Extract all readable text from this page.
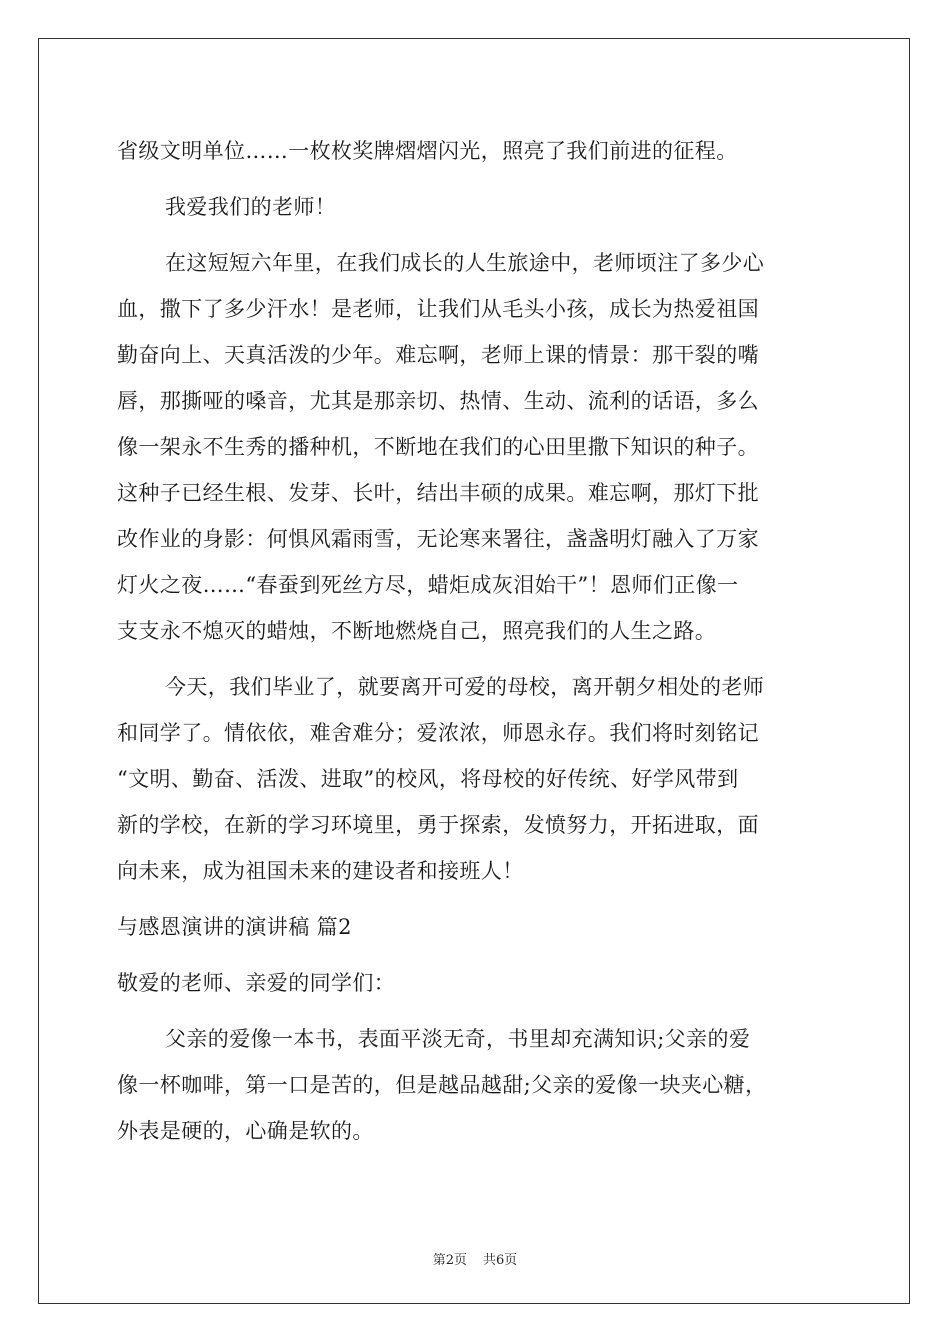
省级文明单位……一枚枚奖牌熠熠闪光，照亮了我们前进的征程。
我爱我们的老师！
在这短短六年里，在我们成长的人生旅途中，老师顷注了多少心
血，撒下了多少汗水！是老师，让我们从毛头小孩，成长为热爱祖国
勤奋向上、天真活泼的少年。难忘啊，老师上课的情景：那干裂的嘴
唇，那撕哑的嗓音，尤其是那亲切、热情、生动、流利的话语，多么
像一架永不生秀的播种机，不断地在我们的心田里撒下知识的种子。
这种子已经生根、发芽、长叶，结出丰硕的成果。难忘啊，那灯下批
改作业的身影：何惧风霜雨雪，无论寒来署往，盏盏明灯融入了万家
灯火之夜……“春蚕到死丝方尽，蜡炬成灰泪始干”！恩师们正像一
支支永不熄灭的蜡烛，不断地燃烧自己，照亮我们的人生之路。
今天，我们毕业了，就要离开可爱的母校，离开朝夕相处的老师
和同学了。情依依，难舍难分；爱浓浓，师恩永存。我们将时刻铭记
“文明、勤奋、活泼、进取”的校风，将母校的好传统、好学风带到
新的学校，在新的学习环境里，勇于探索，发愤努力，开拓进取，面
向未来，成为祖国未来的建设者和接班人！
与感恩演讲的演讲稿 篇2
敬爱的老师、亲爱的同学们：
父亲的爱像一本书，表面平淡无奇，书里却充满知识;父亲的爱
像一杯咖啡，第一口是苦的，但是越品越甜;父亲的爱像一块夹心糖，
外表是硬的，心确是软的。
第2页 共6页
